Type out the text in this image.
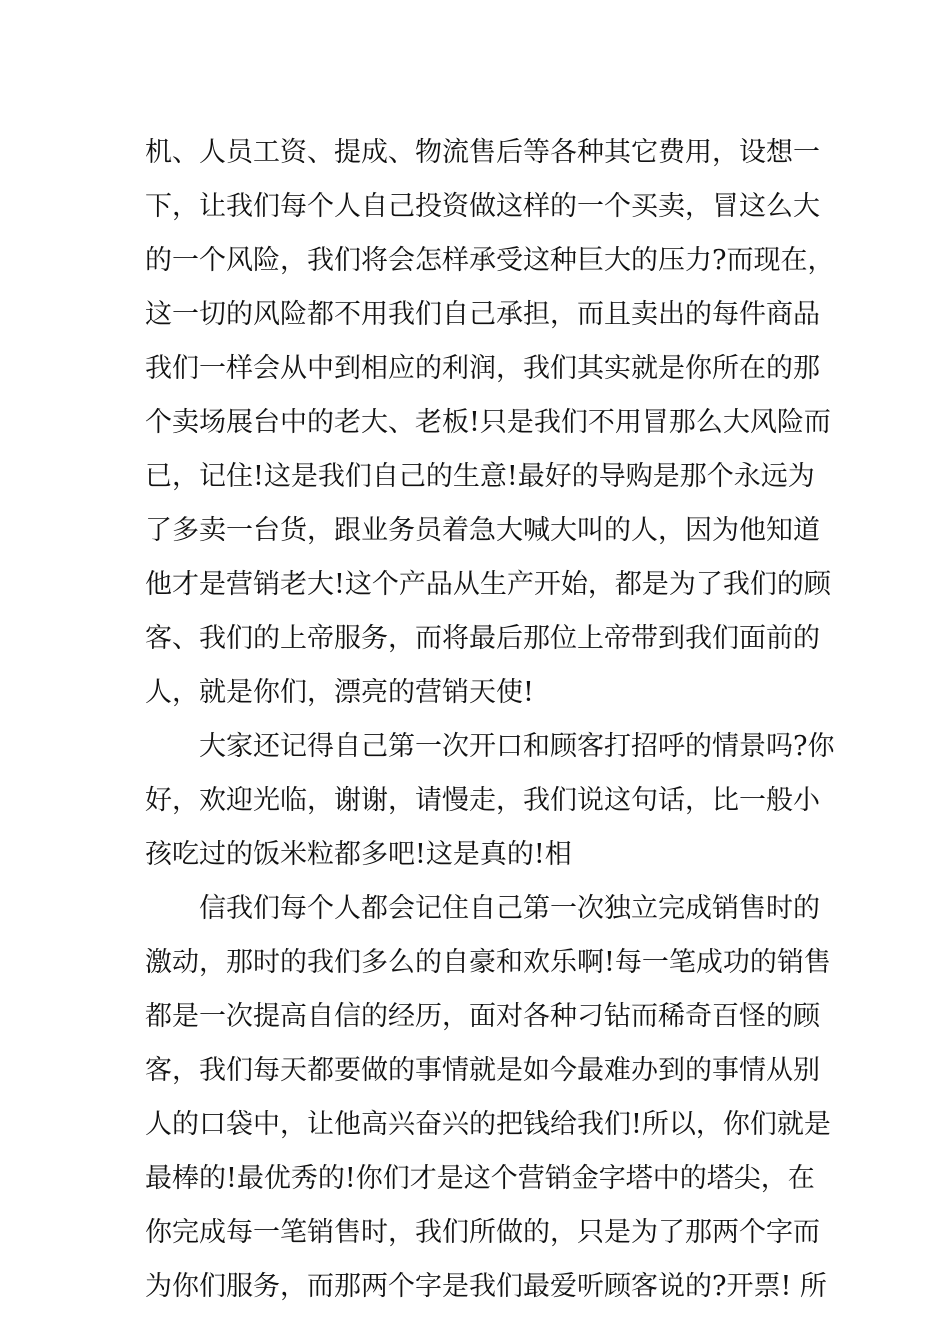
机、人员工资、提成、物流售后等各种其它费用，设想一
下，让我们每个人自己投资做这样的一个买卖，冒这么大
的一个风险，我们将会怎样承受这种巨大的压力?而现在，
这一切的风险都不用我们自己承担，而且卖出的每件商品
我们一样会从中到相应的利润，我们其实就是你所在的那
个卖场展台中的老大、老板!只是我们不用冒那么大风险而
已，记住!这是我们自己的生意!最好的导购是那个永远为
了多卖一台货，跟业务员着急大喊大叫的人，因为他知道
他才是营销老大!这个产品从生产开始，都是为了我们的顾
客、我们的上帝服务，而将最后那位上帝带到我们面前的
人，就是你们，漂亮的营销天使!
大家还记得自己第一次开口和顾客打招呼的情景吗?你
好，欢迎光临，谢谢，请慢走，我们说这句话，比一般小
孩吃过的饭米粒都多吧!这是真的!相
信我们每个人都会记住自己第一次独立完成销售时的
激动，那时的我们多么的自豪和欢乐啊!每一笔成功的销售
都是一次提高自信的经历，面对各种刁钻而稀奇百怪的顾
客，我们每天都要做的事情就是如今最难办到的事情从别
人的口袋中，让他高兴奋兴的把钱给我们!所以，你们就是
最棒的!最优秀的!你们才是这个营销金字塔中的塔尖，在
你完成每一笔销售时，我们所做的，只是为了那两个字而
为你们服务，而那两个字是我们最爱听顾客说的?开票! 所
